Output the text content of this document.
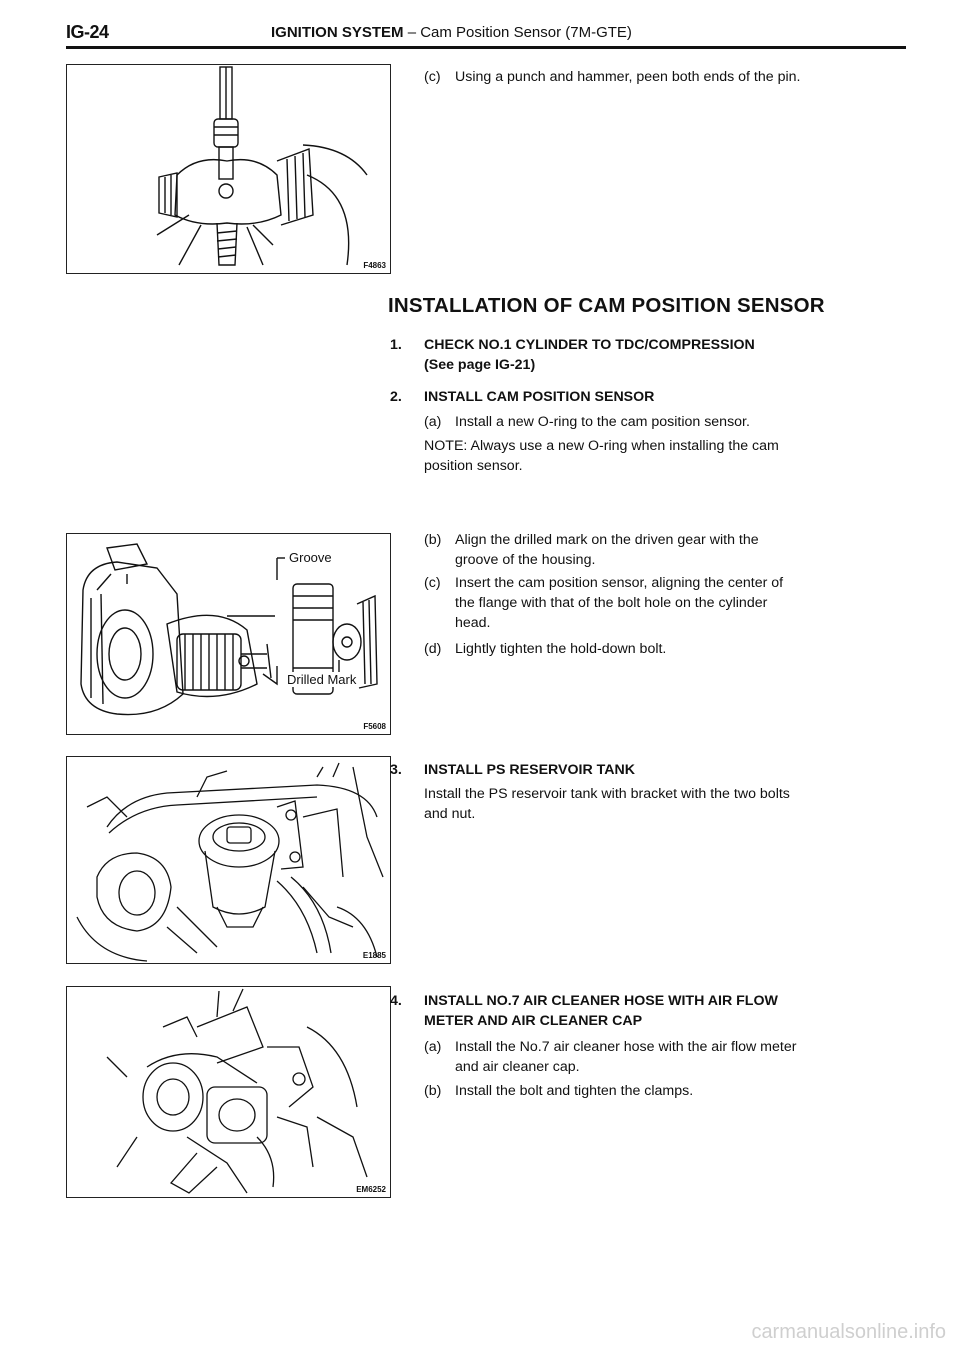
IG-24	IGNITION SYSTEM – Cam Position Sensor (7M-GTE)
F4863
Groove
Drilled Mark
F5608
E1885
EM6252
(c) Using a punch and hammer, peen both ends of the pin.
INSTALLATION OF CAM POSITION SENSOR
1. CHECK NO.1 CYLINDER TO TDC/COMPRESSION
(See page IG-21)
2. INSTALL CAM POSITION SENSOR
(a) Install a new O-ring to the cam position sensor.
NOTE: Always use a new O-ring when installing the cam
position sensor.
(b) Align the drilled mark on the driven gear with the
groove of the housing.
(c) Insert the cam position sensor, aligning the center of
the flange with that of the bolt hole on the cylinder
head.
(d) Lightly tighten the hold-down bolt.
3. INSTALL PS RESERVOIR TANK
Install the PS reservoir tank with bracket with the two bolts
and nut.
4. INSTALL NO.7 AIR CLEANER HOSE WITH AIR FLOW
METER AND AIR CLEANER CAP
(a) Install the No.7 air cleaner hose with the air flow meter
and air cleaner cap.
(b) Install the bolt and tighten the clamps.
carmanualsonline.info
